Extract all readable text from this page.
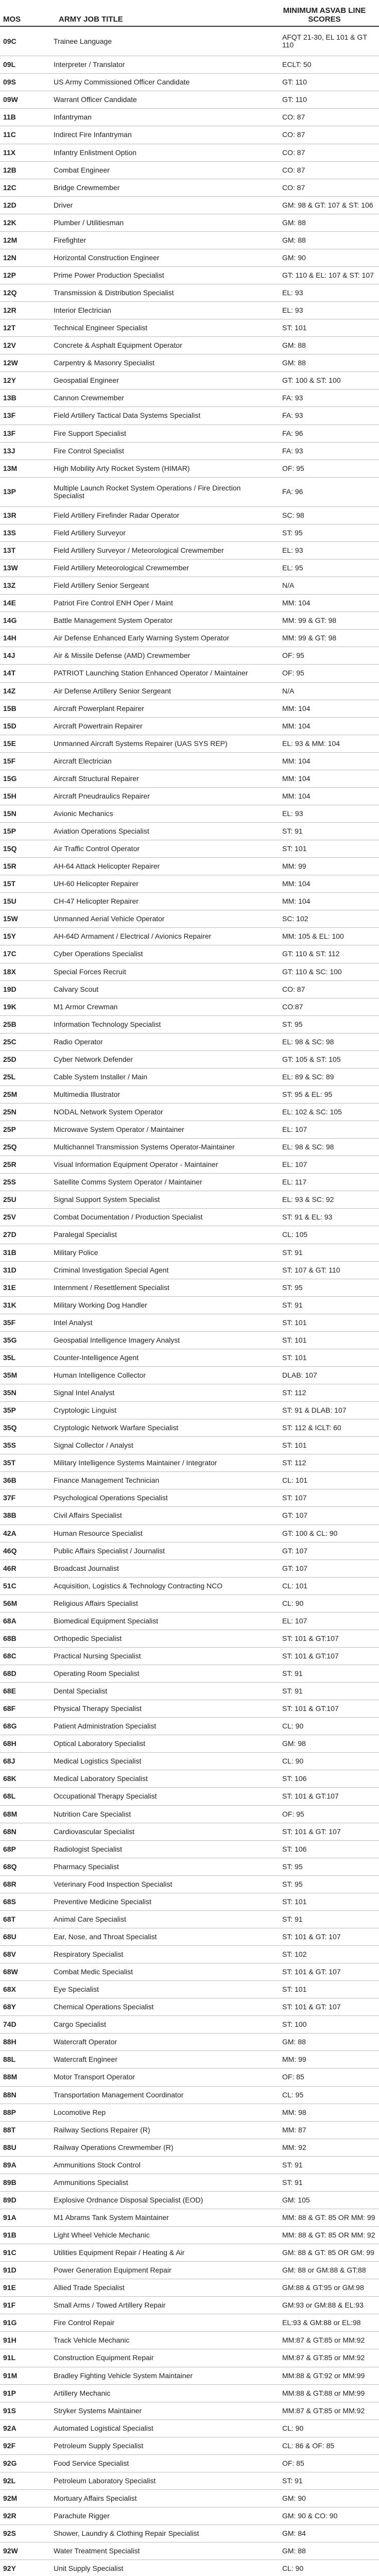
MOS	ARMY JOB TITLE
MINIMUM ASVAB LINE SCORES
09C	Trainee Language	AFQT 21-30, EL 101 & GT 110
09L	Interpreter / Translator	ECLT: 50
09S	US Army Commissioned Officer Candidate	GT: 110
09W	Warrant Officer Candidate	GT: 110
11B	Infantryman	CO: 87
11C	Indirect Fire Infantryman	CO: 87
11X	Infantry Enlistment Option	CO: 87
12B	Combat Engineer	CO: 87
12C	Bridge Crewmember	CO: 87
12D	Driver	GM: 98 & GT: 107 & ST: 106
12K	Plumber / Utilitiesman	GM: 88
12M	Firefighter	GM: 88
12N	Horizontal Construction Engineer	GM: 90
12P	Prime Power Production Specialist	GT: 110 & EL: 107 & ST: 107
12Q	Transmission & Distribution Specialist	EL: 93
12R	Interior Electrician	EL: 93
12T	Technical Engineer Specialist	ST: 101
12V	Concrete & Asphalt Equipment Operator	GM: 88
12W	Carpentry & Masonry Specialist	GM: 88
12Y	Geospatial Engineer	GT: 100 & ST: 100
13B	Cannon Crewmember	FA: 93
13F	Field Artillery Tactical Data Systems Specialist	FA: 93
13F	Fire Support Specialist	FA: 96
13J	Fire Control Specialist	FA: 93
13M	High Mobility Arty Rocket System (HIMAR)	OF: 95
13P	Multiple Launch Rocket System Operations / Fire Direction Specialist	FA: 96
13R	Field Artillery Firefinder Radar Operator	SC: 98
13S	Field Artillery Surveyor	ST: 95
13T	Field Artillery Surveyor / Meteorological Crewmember	EL: 93
13W	Field Artillery Meteorological Crewmember	EL: 95
13Z	Field Artillery Senior Sergeant	N/A
14E	Patriot Fire Control ENH Oper / Maint	MM: 104
14G	Battle Management System Operator	MM: 99 & GT: 98
14H	Air Defense Enhanced Early Warning System Operator	MM: 99 & GT: 98
14J	Air & Missile Defense (AMD) Crewmember	OF: 95
14T	PATRIOT Launching Station Enhanced Operator / Maintainer	OF: 95
14Z	Air Defense Artillery Senior Sergeant	N/A
15B	Aircraft Powerplant Repairer	MM: 104
15D	Aircraft Powertrain Repairer	MM: 104
15E	Unmanned Aircraft Systems Repairer (UAS SYS REP)	EL: 93 & MM: 104
15F	Aircraft Electrician	MM: 104
15G	Aircraft Structural Repairer	MM: 104
15H	Aircraft Pneudraulics Repairer	MM: 104
15N	Avionic Mechanics	EL: 93
15P	Aviation Operations Specialist	ST: 91
15Q	Air Traffic Control Operator	ST: 101
15R	AH-64 Attack Helicopter Repairer	MM: 99
15T	UH-60 Helicopter Repairer	MM: 104
15U	CH-47 Helicopter Repairer	MM: 104
15W	Unmanned Aerial Vehicle Operator	SC: 102
15Y	AH-64D Armament / Electrical / Avionics Repairer	MM: 105 & EL: 100
17C	Cyber Operations Specialist	GT: 110 & ST: 112
18X	Special Forces Recruit	GT: 110 & SC: 100
19D	Calvary Scout	CO: 87
19K	M1 Armor Crewman	CO:87
25B	Information Technology Specialist	ST: 95
25C	Radio Operator	EL: 98 & SC: 98
25D	Cyber Network Defender	GT: 105 & ST: 105
25L	Cable System Installer / Main	EL: 89 & SC: 89
25M	Multimedia Illustrator	ST: 95 & EL: 95
25N	NODAL Network System Operator	EL: 102 & SC: 105
25P	Microwave System Operator / Maintainer	EL: 107
25Q	Multichannel Transmission Systems Operator-Maintainer	EL: 98 & SC: 98
25R	Visual Information Equipment Operator - Maintainer	EL: 107
25S	Satellite Comms System Operator / Maintainer	EL: 117
25U	Signal Support System Specialist	EL: 93 & SC: 92
25V	Combat Documentation / Production Specialist	ST: 91 & EL: 93
27D	Paralegal Specialist	CL: 105
31B	Military Police	ST: 91
31D	Criminal Investigation Special Agent	ST: 107 & GT: 110
31E	Internment / Resettlement Specialist	ST: 95
31K	Military Working Dog Handler	ST: 91
35F	Intel Analyst	ST: 101
35G	Geospatial Intelligence Imagery Analyst	ST: 101
35L	Counter-Intelligence Agent	ST: 101
35M	Human Intelligence Collector	DLAB: 107
35N	Signal Intel Analyst	ST: 112
35P	Cryptologic Linguist	ST: 91 & DLAB: 107
35Q	Cryptologic Network Warfare Specialist	ST: 112 & ICLT: 60
35S	Signal Collector / Analyst	ST: 101
35T	Military Intelligence Systems Maintainer / Integrator	ST: 112
36B	Finance Management Technician	CL: 101
37F	Psychological Operations Specialist	ST: 107
38B	Civil Affairs Specialist	GT: 107
42A	Human Resource Specialist	GT: 100 & CL: 90
46Q	Public Affairs Specialist / Journalist	GT: 107
46R	Broadcast Journalist	GT: 107
51C	Acquisition, Logistics & Technology Contracting NCO	CL: 101
56M	Religious Affairs Specialist	CL: 90
68A	Biomedical Equipment Specialist	EL: 107
68B	Orthopedic Specialist	ST: 101 & GT:107
68C	Practical Nursing Specialist	ST: 101 & GT:107
68D	Operating Room Specialist	ST: 91
68E	Dental Specialist	ST: 91
68F	Physical Therapy Specialist	ST: 101 & GT:107
68G	Patient Administration Specialist	CL: 90
68H	Optical Laboratory Specialist	GM: 98
68J	Medical Logistics Specialist	CL: 90
68K	Medical Laboratory Specialist	ST: 106
68L	Occupational Therapy Specialist	ST: 101 & GT:107
68M	Nutrition Care Specialist	OF: 95
68N	Cardiovascular Specialist	ST: 101 & GT: 107
68P	Radiologist Specialist	ST: 106
68Q	Pharmacy Specialist	ST: 95
68R	Veterinary Food Inspection Specialist	ST: 95
68S	Preventive Medicine Specialist	ST: 101
68T	Animal Care Specialist	ST: 91
68U	Ear, Nose, and Throat Specialist	ST: 101 & GT: 107
68V	Respiratory Specialist	ST: 102
68W	Combat Medic Specialist	ST: 101 & GT: 107
68X	Eye Specialist	ST: 101
68Y	Chemical Operations Specialist	ST: 101 & GT: 107
74D	Cargo Specialist	ST: 100
88H	Watercraft Operator	GM: 88
88L	Watercraft Engineer	MM: 99
88M	Motor Transport Operator	OF: 85
88N	Transportation Management Coordinator	CL: 95
88P	Locomotive Rep	MM: 98
88T	Railway Sections Repairer (R)	MM: 87
88U	Railway Operations Crewmember (R)	MM: 92
89A	Ammunitions Stock Control	ST: 91
89B	Ammunitions Specialist	ST: 91
89D	Explosive Ordnance Disposal Specialist (EOD)	GM: 105
91A	M1 Abrams Tank System Maintainer	MM: 88 & GT: 85 OR MM: 99
91B	Light Wheel Vehicle Mechanic	MM: 88 & GT: 85 OR MM: 92
91C	Utilities Equipment Repair / Heating & Air	GM: 88 & GT: 85 OR GM: 99
91D	Power Generation Equipment Repair	GM: 88 or GM:88 & GT:88
91E	Allied Trade Specialist	GM:88 & GT:95 or GM:98
91F	Small Arms / Towed Artillery Repair	GM:93 or GM:88 & EL:93
91G	Fire Control Repair	EL:93 & GM:88 or EL:98
91H	Track Vehicle Mechanic	MM:87 & GT:85 or MM:92
91L	Construction Equipment Repair	MM:87 & GT:85 or MM:92
91M	Bradley Fighting Vehicle System Maintainer	MM:88 & GT:92 or MM:99
91P	Artillery Mechanic	MM:88 & GT:88 or MM:99
91S	Stryker Systems Maintainer	MM:87 & GT:85 or MM:92
92A	Automated Logistical Specialist	CL: 90
92F	Petroleum Supply Specialist	CL: 86 & OF: 85
92G	Food Service Specialist	OF: 85
92L	Petroleum Laboratory Specialist	ST: 91
92M	Mortuary Affairs Specialist	GM: 90
92R	Parachute Rigger	GM: 90 & CO: 90
92S	Shower, Laundry & Clothing Repair Specialist	GM: 84
92W	Water Treatment Specialist	GM: 88
92Y	Unit Supply Specialist	CL: 90
